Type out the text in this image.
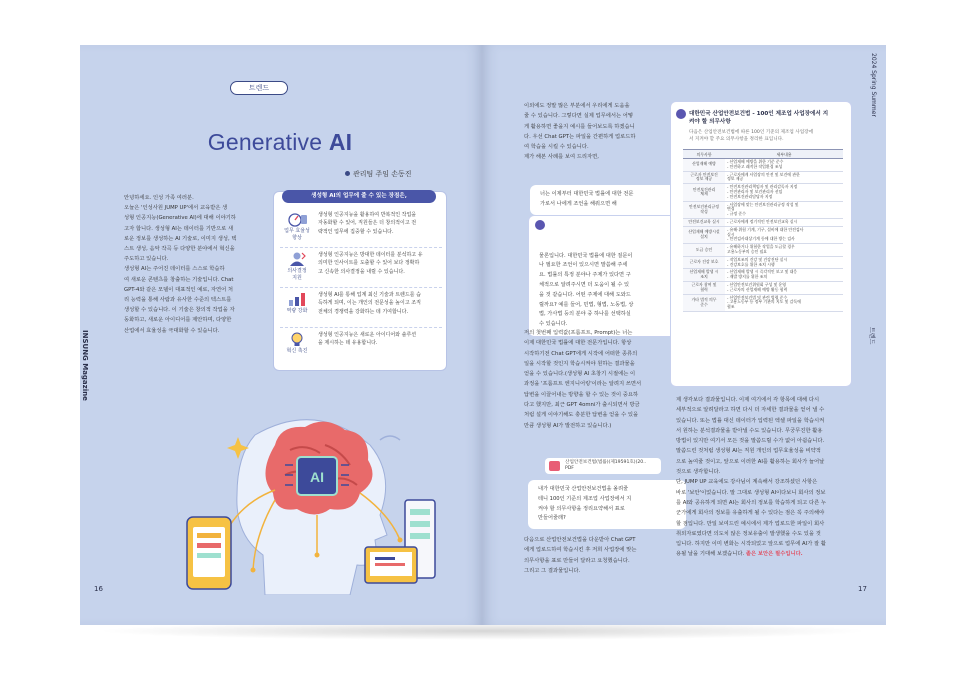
트렌드
Generative AI
관리팀 주임 손동진
INSUNG Magazine
16
안녕하세요. 인성 가족 여러분.
오늘은 '인성사원 JUMP UP'에서 교육받은 생
성형 인공지능(Generative AI)에 대해 이야기하
고자 합니다. 생성형 AI는 데이터를 기반으로 새
로운 정보를 생성하는 AI 기술로, 이미지 생성, 텍
스트 생성, 음악 작곡 등 다양한 분야에서 혁신을
주도하고 있습니다.
생성형 AI는 주어진 데이터를 스스로 학습하
여 새로운 콘텐츠를 창출하는 기술입니다. Chat
GPT-4와 같은 모델이 대표적인 예로, 자연어 처
리 능력을 통해 사람과 유사한 수준의 텍스트를
생성할 수 있습니다. 이 기술은 창의적 작업을 자
동화하고, 새로운 아이디어를 제안하며, 다양한
산업에서 효율성을 극대화할 수 있습니다.
생성형 AI의 업무에 줄 수 있는 장점은,
업무 효율성
향상
생성형 인공지능을 활용하여 반복적인 작업을
자동화할 수 있어, 직원들은 더 창의적이고 전
략적인 업무에 집중할 수 있습니다.
의사결정
지원
생성형 인공지능은 방대한 데이터를 분석하고 유
의미한 인사이트를 도출할 수 있어 보다 정확하
고 신속한 의사결정을 내릴 수 있습니다.
역량 강화
생성형 AI를 통해 업계 최신 기술과 트렌드를 습
득하게 되며, 이는 개인의 전문성을 높이고 조직
전체의 경쟁력을 강화하는 데 기여합니다.
혁신 촉진
생성형 인공지능은 새로운 아이디어와 솔루션
을 제시하는 데 유용합니다.
AI
2024 Spring Summer
트렌드
17
이외에도 정말 많은 부분에서 우리에게 도움을
줄 수 있습니다. 그렇다면 실제 업무에서는 어떻
게 활용하면 좋을지 예시를 들어보도록 하겠습니
다. 우선 Chat GPT는 파일을 간편하게 업로드하
여 학습을 시킬 수 있습니다.
제가 해본 사례를 보여 드리자면,
너는 이제부터 대한민국 법률에 대한 전문
가로서 나에게 조언을 해줘으면 해

물론입니다. 대한민국 법률에 대한 질문이
나 필요한 조언이 있으시면 말씀해 주세
요. 법률의 특정 분야나 주제가 있다면 구
체적으로 알려주시면 더 도움이 될 수 있
을 것 같습니다. 어떤 주제에 대해 도와드
릴까요? 예를 들어, 민법, 형법, 노동법, 상
법, 가사법 등의 분야 중 하나를 선택하실
수 있습니다.

저의 첫번째 입력값(프롬프트, Prompt)는 너는
이제 대한민국 법률에 대한 전문가입니다. 항상
시작하기전 Chat GPT에게 시작에 어떠한 종류의
일을 시작할 것인지 학습시켜야 원하는 결과물을
얻을 수 있습니다.(생성형 AI 초창기 시절에는 이
과정을 '프롬프트 엔지니어링'이라는 알려지 쓰면서
답변을 이끌어내는 방향을 할 수 있는 것이 중요하
다고 했지만, 최근 GPT 4omni가 출시되면서 방금
처럼 설게 이야기해도 충분한 답변을 얻을 수 있을
만큼 생성형 AI가 발전하고 있습니다.)
산업안전보건법(법률)(제19591호)(20..
PDF
내가 대한민국 산업안전보건법을 올려줄
테니 100인 기준의 제조업 사업장에서 지
켜야 할 의무사항을 정리요약해서 표로
만들어줄래?
다음으로 산업안전보건법을 다운받아 Chat GPT
에게 업로드하여 학습시킨 후 저희 사업장에 맞는
의무사항을 표로 만들어 달라고 요청했습니다.
그리고 그 결과물입니다.
대한민국 산업안전보건법 - 100인 제조업 사업장에서 지
켜야 할 의무사항
다음은 산업안전보건법에 따른 100인 기준의 제조업 사업장에
서 지켜야 할 주요 의무사항을 정리한 표입니다.
의무사항	세부내용
산업재해 예방	- 산업재해 예방을 위한 기준 준수
- 안전하고 쾌적한 작업환경 조성
근로자 안전보건
정보 제공	- 근로자에게 사업장의 안전 및 보건에 관한
정보 제공
안전보건관리
체제	- 안전보건관리책임자 및 관리감독자 지정
- 안전관리자 및 보건관리자 선임
- 안전보건관리담당자 지정
안전보건관리규정
작성	- 사업장에 맞는 안전보건관리규정 작성 및
변경
- 규정 준수
안전보건교육 실시	- 근로자에게 정기적인 안전보건교육 실시
산업재해 예방시설
설치	- 유해·위험 기계, 기구, 설비에 대한 안전검사
실시
- 안전검사대상기계 등에 대한 방는 검사
도급 승인	- 유해하거나 위험한 작업을 도급할 경우
고용노동부의 승인 필요
근로자 건강 보호	- 작업보조의 건강 및 건강진단 실시
- 건강보호를 위한 조치 시행
산업재해 발생 시
조치	- 산업재해 발생 시 즉각적인 보고 및 대응
- 재발 방지를 위한 조치
근로자 참여 및
협력	- 산업안전보건위원회 구성 및 운영
- 근로자의 산업재해 예방 활동 협력
가타 법적 의무
준수	- 산업안전보건법 및 관련 법령 준수
- 고용노동부 등 정부 기관의 지도 및 감독에
협조
제 생각보다 결과물입니다. 이제 여기에서 각 항목에 대해 다시
세부적으로 알려달라고 하면 다시 더 자세한 결과물을 얻어 낼 수
있습니다. 또는 법률 대신 데이터가 입력된 엑셀 파일을 학습시켜
서 원하는 분석결과물을 받아낼 수도 있습니다. 무궁무진한 활용
방법이 있지만 여기서 모든 것을 말씀드릴 수가 없어 아쉽습니다.
말씀드린 것처럼 생성형 AI는 직원 개인의 업무효율성을 비약적
으로 높여줄 것이고, 앞으로 이러한 AI를 활용하는 회사가 늘어날
것으로 생각합니다.
단, JUMP UP 교육에도 강사님이 계속해서 강조하셨던 사항은
바로 '보안'이었습니다. 말 그대로 생성형 AI이다보니 회사의 정보
를 AI와 공유하게 되면 AI는 회사의 정보를 학습하게 되고 다른 누
군가에게 회사의 정보를 유출하게 될 수 있다는 점은 꼭 주의해야
할 점입니다. 만일 보여드린 예시에서 제가 업로드한 파일이 회사
취외자료였다면 의도치 않은 정보유출이 발생했을 수도 있을 것
입니다. 하지만 이미 변화는 시작되었고 앞으로 업무에 AI가 잘 활
용될 날을 기대해 보겠습니다. 졸은 보안은 필수입니다.
